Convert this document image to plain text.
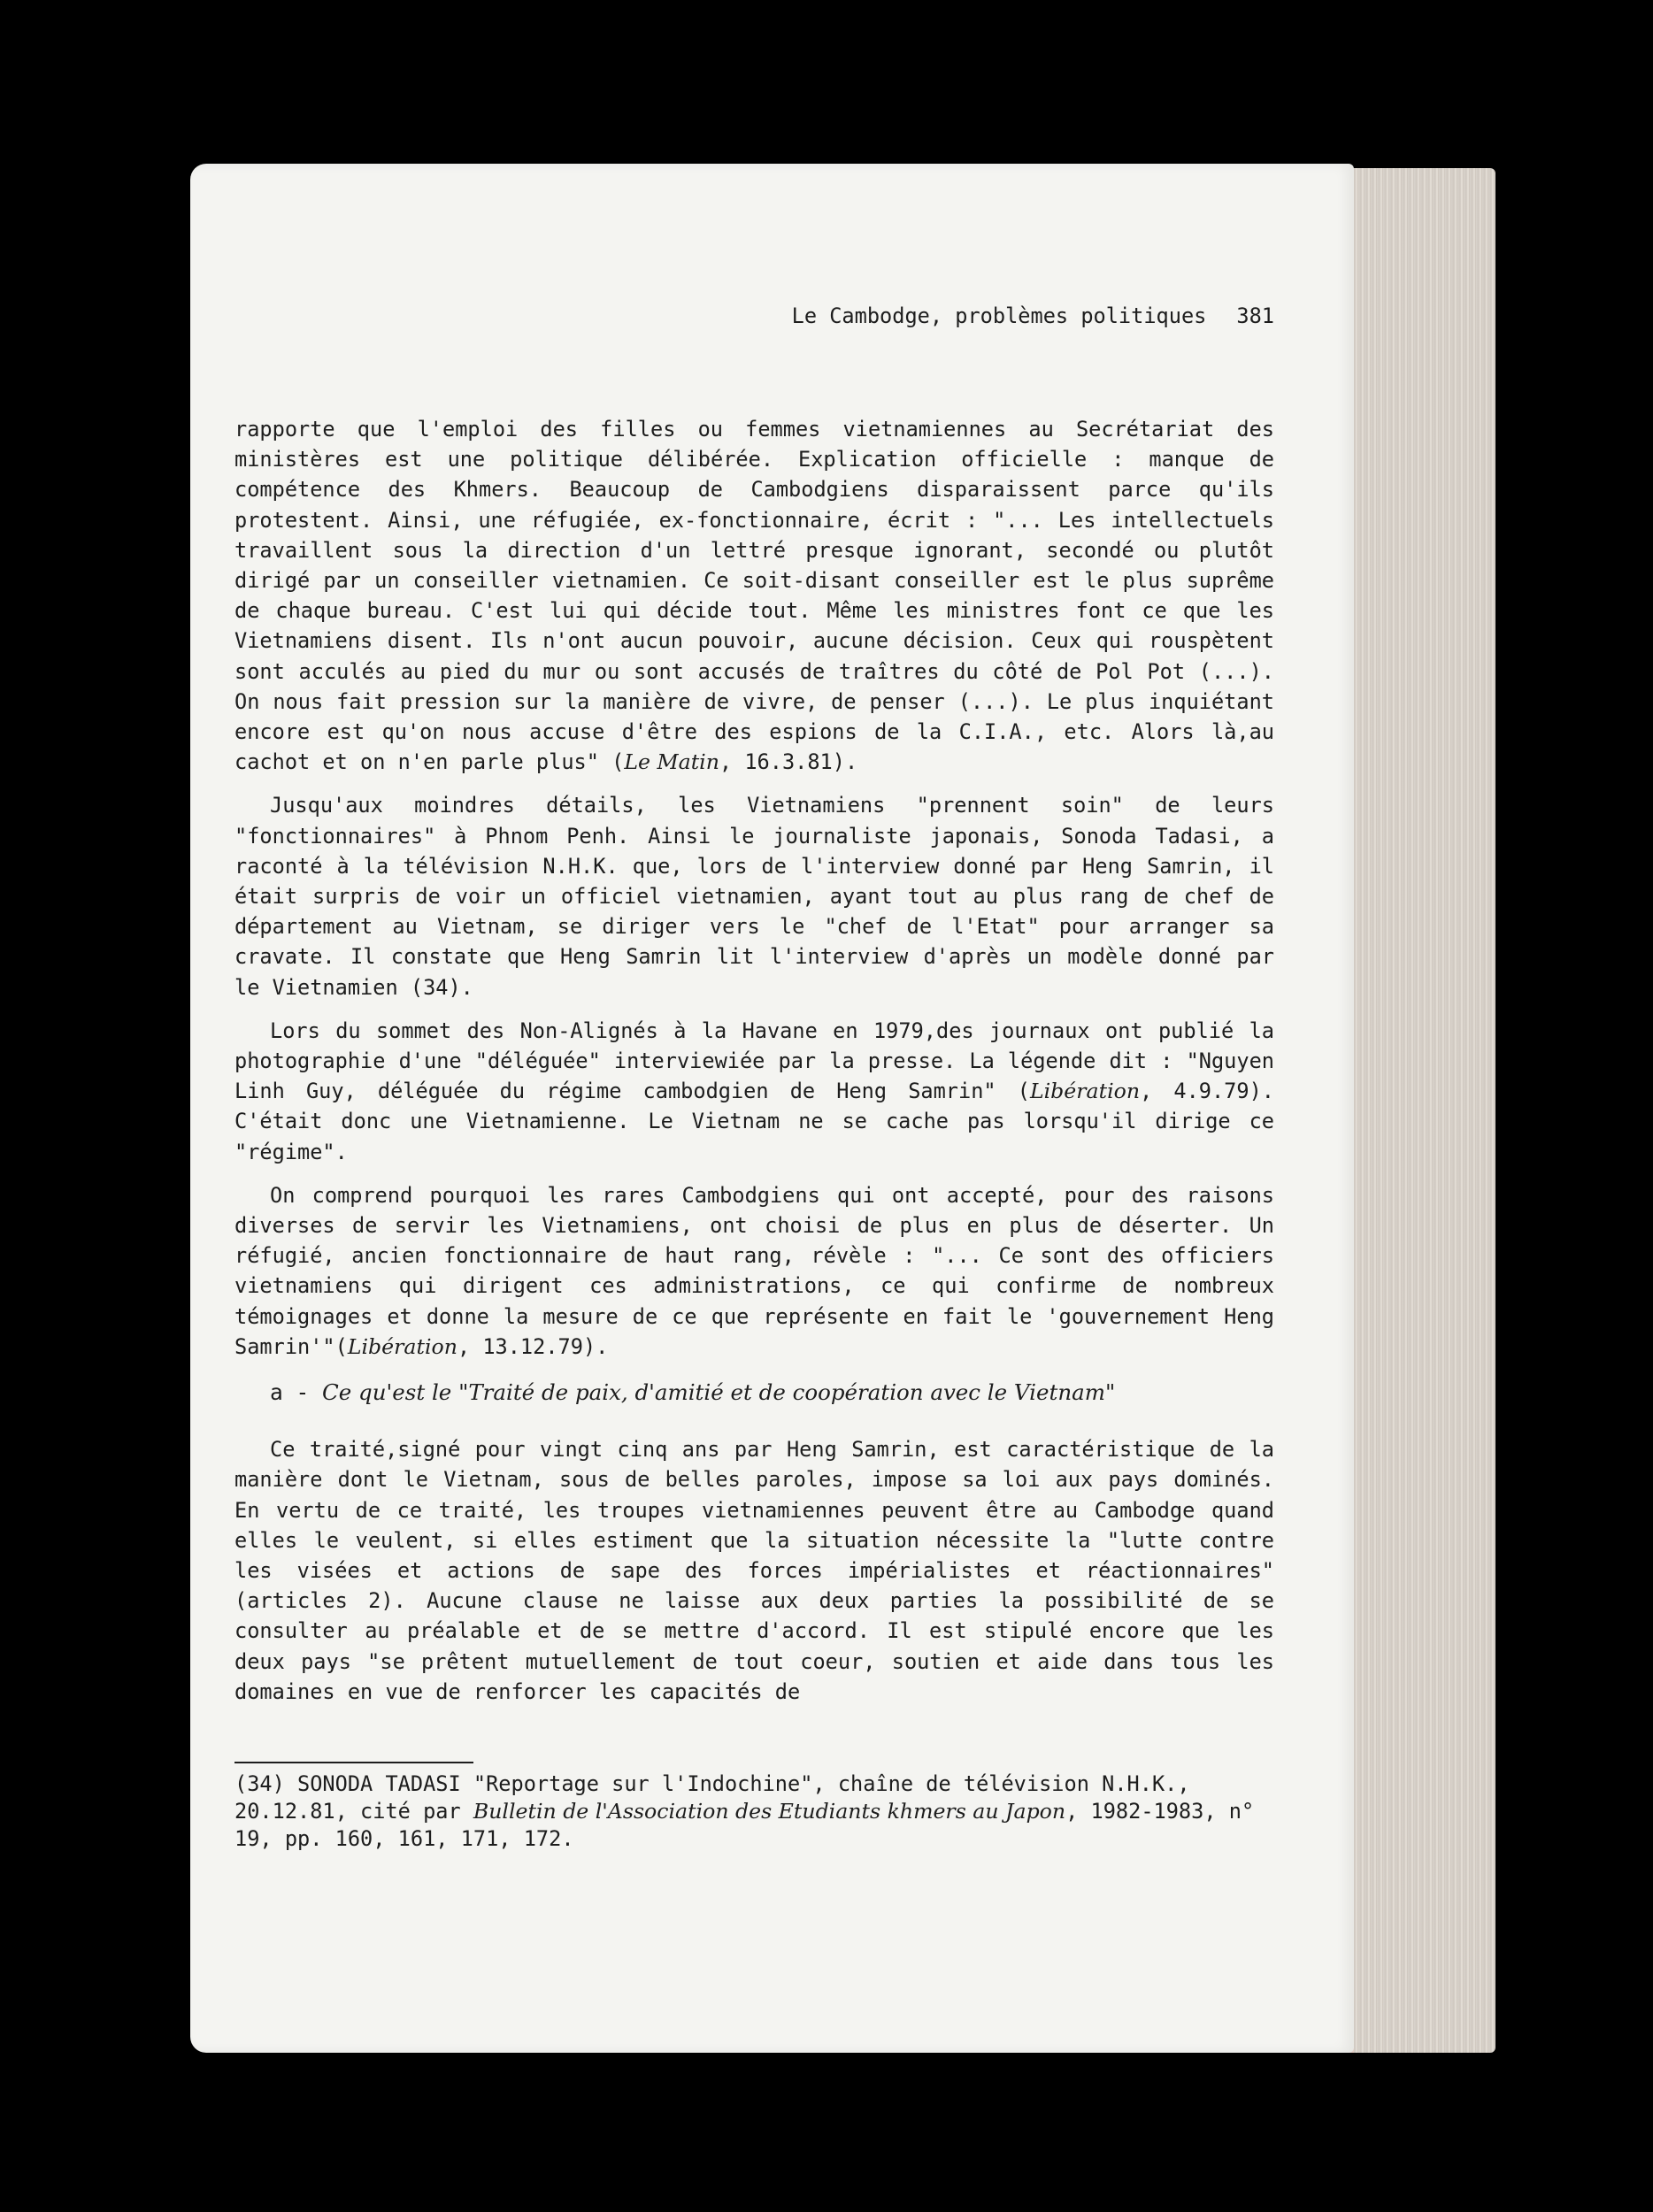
Le Cambodge, problèmes politiques 381

rapporte que l'emploi des filles ou femmes vietnamiennes au Secrétariat des ministères est une politique délibérée. Explication officielle : manque de compétence des Khmers. Beaucoup de Cambodgiens disparaissent parce qu'ils protestent. Ainsi, une réfugiée, ex-fonctionnaire, écrit : "... Les intellectuels travaillent sous la direction d'un lettré presque ignorant, secondé ou plutôt dirigé par un conseiller vietnamien. Ce soit-disant conseiller est le plus suprême de chaque bureau. C'est lui qui décide tout. Même les ministres font ce que les Vietnamiens disent. Ils n'ont aucun pouvoir, aucune décision. Ceux qui rouspètent sont acculés au pied du mur ou sont accusés de traîtres du côté de Pol Pot (...). On nous fait pression sur la manière de vivre, de penser (...). Le plus inquiétant encore est qu'on nous accuse d'être des espions de la C.I.A., etc. Alors là,au cachot et on n'en parle plus" (Le Matin, 16.3.81).

Jusqu'aux moindres détails, les Vietnamiens "prennent soin" de leurs "fonctionnaires" à Phnom Penh. Ainsi le journaliste japonais, Sonoda Tadasi, a raconté à la télévision N.H.K. que, lors de l'interview donné par Heng Samrin, il était surpris de voir un officiel vietnamien, ayant tout au plus rang de chef de département au Vietnam, se diriger vers le "chef de l'Etat" pour arranger sa cravate. Il constate que Heng Samrin lit l'interview d'après un modèle donné par le Vietnamien (34).

Lors du sommet des Non-Alignés à la Havane en 1979,des journaux ont publié la photographie d'une "déléguée" interviewiée par la presse. La légende dit : "Nguyen Linh Guy, déléguée du régime cambodgien de Heng Samrin" (Libération, 4.9.79). C'était donc une Vietnamienne. Le Vietnam ne se cache pas lorsqu'il dirige ce "régime".

On comprend pourquoi les rares Cambodgiens qui ont accepté, pour des raisons diverses de servir les Vietnamiens, ont choisi de plus en plus de déserter. Un réfugié, ancien fonctionnaire de haut rang, révèle : "... Ce sont des officiers vietnamiens qui dirigent ces administrations, ce qui confirme de nombreux témoignages et donne la mesure de ce que représente en fait le 'gouvernement Heng Samrin'"(Libération, 13.12.79).

a - Ce qu'est le "Traité de paix, d'amitié et de coopération avec le Vietnam"

Ce traité,signé pour vingt cinq ans par Heng Samrin, est caractéristique de la manière dont le Vietnam, sous de belles paroles, impose sa loi aux pays dominés. En vertu de ce traité, les troupes vietnamiennes peuvent être au Cambodge quand elles le veulent, si elles estiment que la situation nécessite la "lutte contre les visées et actions de sape des forces impérialistes et réactionnaires" (articles 2). Aucune clause ne laisse aux deux parties la possibilité de se consulter au préalable et de se mettre d'accord. Il est stipulé encore que les deux pays "se prêtent mutuellement de tout coeur, soutien et aide dans tous les domaines en vue de renforcer les capacités de

(34) SONODA TADASI "Reportage sur l'Indochine", chaîne de télévision N.H.K., 20.12.81, cité par Bulletin de l'Association des Etudiants khmers au Japon, 1982-1983, n° 19, pp. 160, 161, 171, 172.
